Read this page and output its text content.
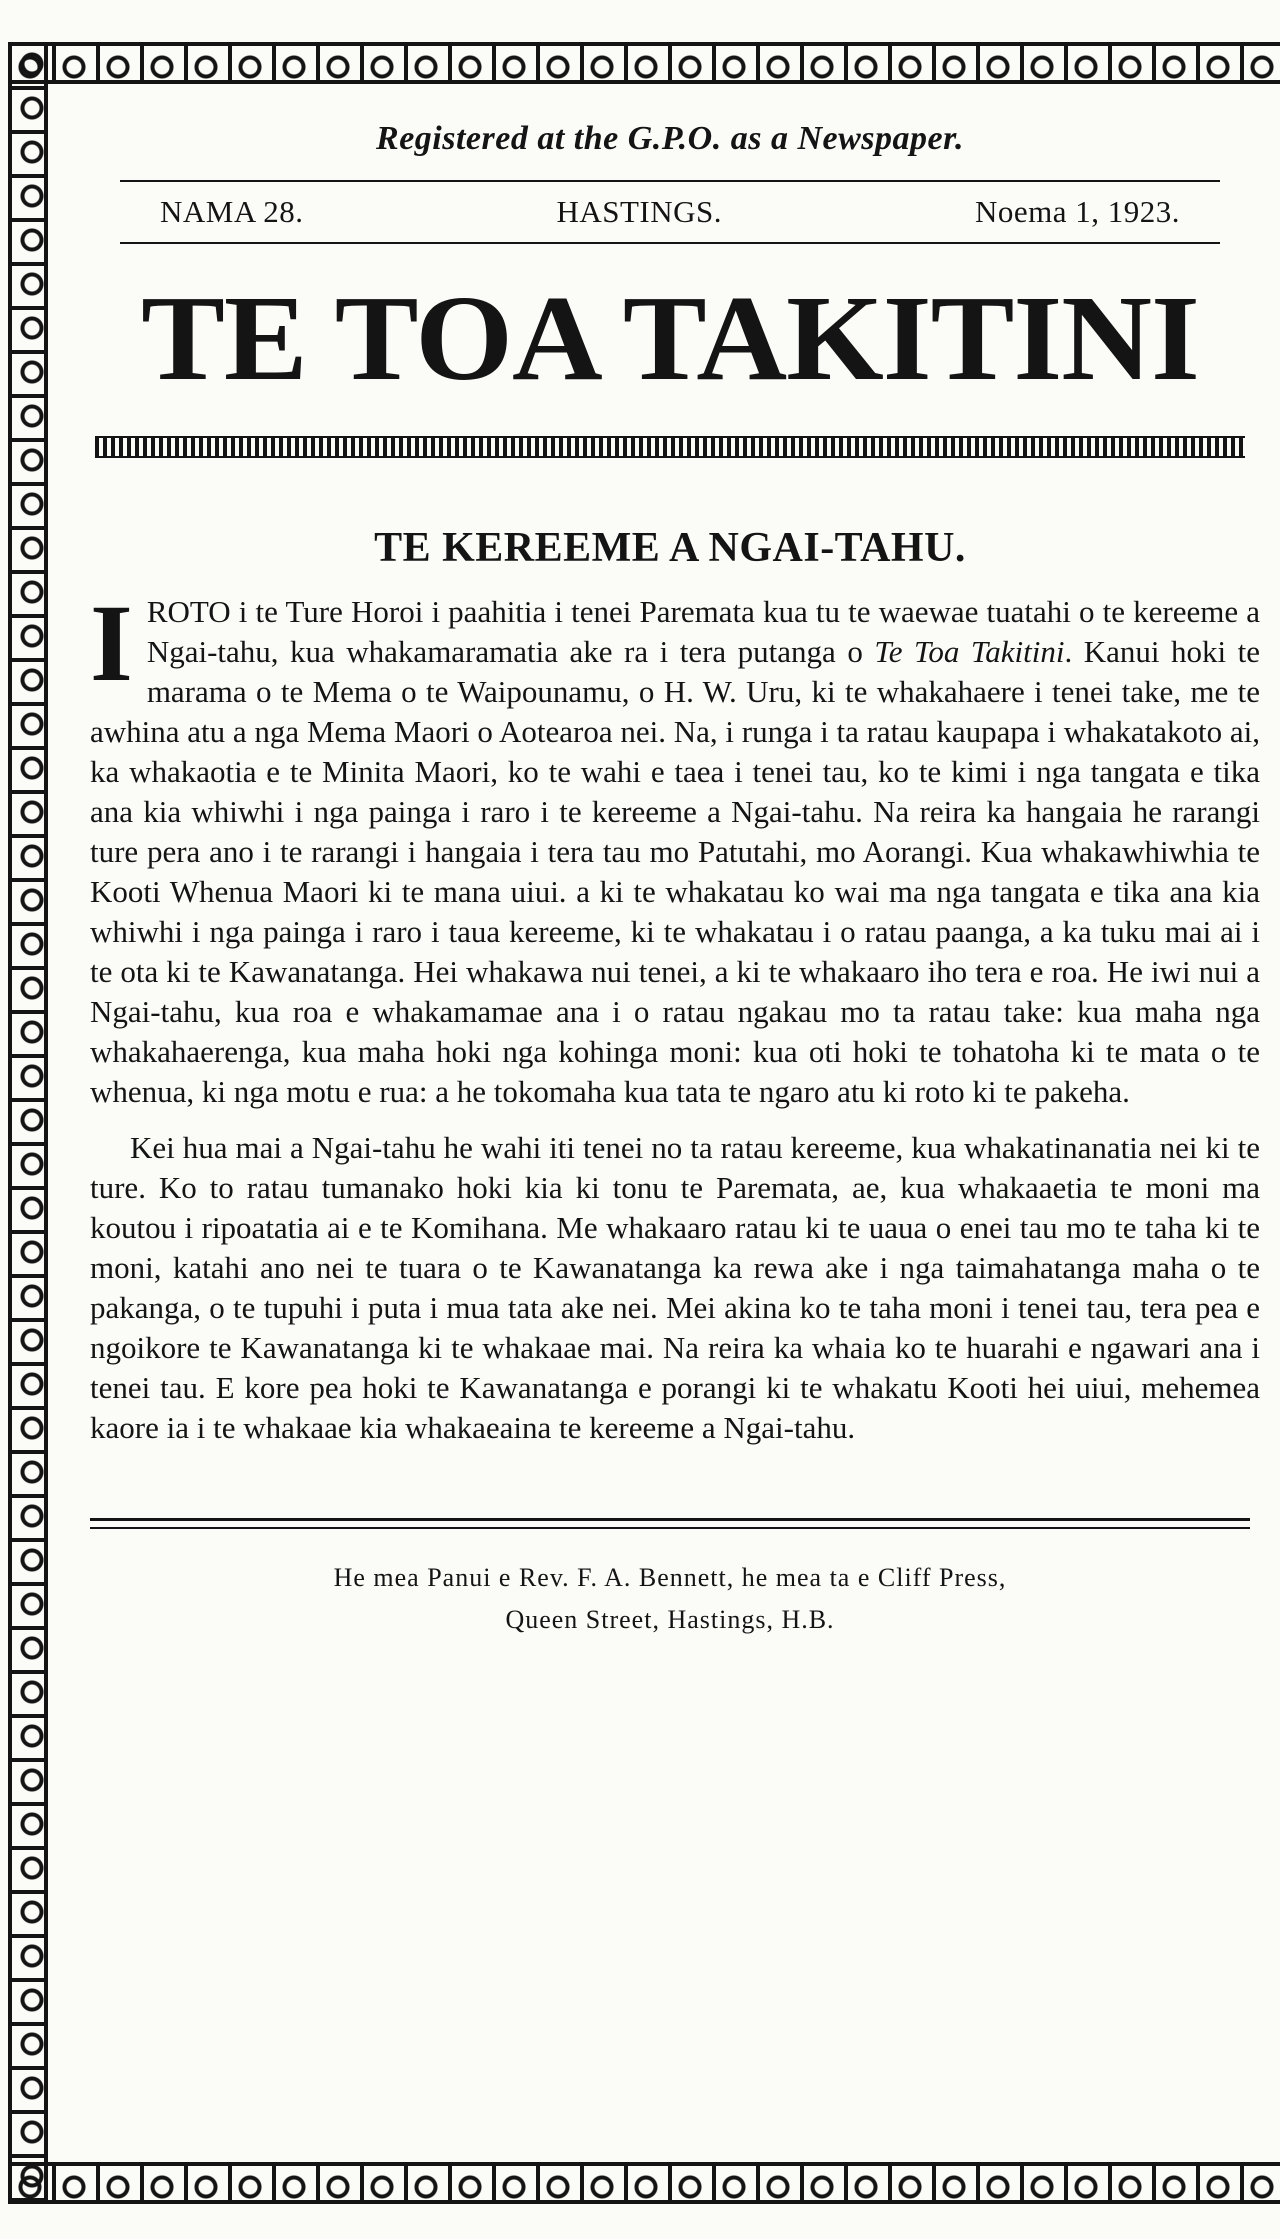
Registered at the G.P.O. as a Newspaper.
NAMA 28.	HASTINGS.	Noema 1, 1923.
TE TOA TAKITINI
TE KEREEME A NGAI-TAHU.

IROTO i te Ture Horoi i paahitia i tenei Paremata kua tu te waewae tuatahi o te kereeme a Ngai-tahu, kua whakamaramatia ake ra i tera putanga o Te Toa Takitini. Kanui hoki te marama o te Mema o te Waipounamu, o H. W. Uru, ki te whakahaere i tenei take, me te awhina atu a nga Mema Maori o Aotearoa nei. Na, i runga i ta ratau kaupapa i whakatakoto ai, ka whakaotia e te Minita Maori, ko te wahi e taea i tenei tau, ko te kimi i nga tangata e tika ana kia whiwhi i nga painga i raro i te kereeme a Ngai-tahu. Na reira ka hangaia he rarangi ture pera ano i te rarangi i hangaia i tera tau mo Patutahi, mo Aorangi. Kua whakawhiwhia te Kooti Whenua Maori ki te mana uiui. a ki te whakatau ko wai ma nga tangata e tika ana kia whiwhi i nga painga i raro i taua kereeme, ki te whakatau i o ratau paanga, a ka tuku mai ai i te ota ki te Kawanatanga. Hei whakawa nui tenei, a ki te whakaaro iho tera e roa. He iwi nui a Ngai-tahu, kua roa e whakamamae ana i o ratau ngakau mo ta ratau take: kua maha nga whakahaerenga, kua maha hoki nga kohinga moni: kua oti hoki te tohatoha ki te mata o te whenua, ki nga motu e rua: a he tokomaha kua tata te ngaro atu ki roto ki te pakeha.

Kei hua mai a Ngai-tahu he wahi iti tenei no ta ratau kereeme, kua whakatinanatia nei ki te ture. Ko to ratau tumanako hoki kia ki tonu te Paremata, ae, kua whakaaetia te moni ma koutou i ripoatatia ai e te Komihana. Me whakaaro ratau ki te uaua o enei tau mo te taha ki te moni, katahi ano nei te tuara o te Kawanatanga ka rewa ake i nga taimahatanga maha o te pakanga, o te tupuhi i puta i mua tata ake nei. Mei akina ko te taha moni i tenei tau, tera pea e ngoikore te Kawanatanga ki te whakaae mai. Na reira ka whaia ko te huarahi e ngawari ana i tenei tau. E kore pea hoki te Kawanatanga e porangi ki te whakatu Kooti hei uiui, mehemea kaore ia i te whakaae kia whakaeaina te kereeme a Ngai-tahu.

He mea Panui e Rev. F. A. Bennett, he mea ta e Cliff Press,
Queen Street, Hastings, H.B.
